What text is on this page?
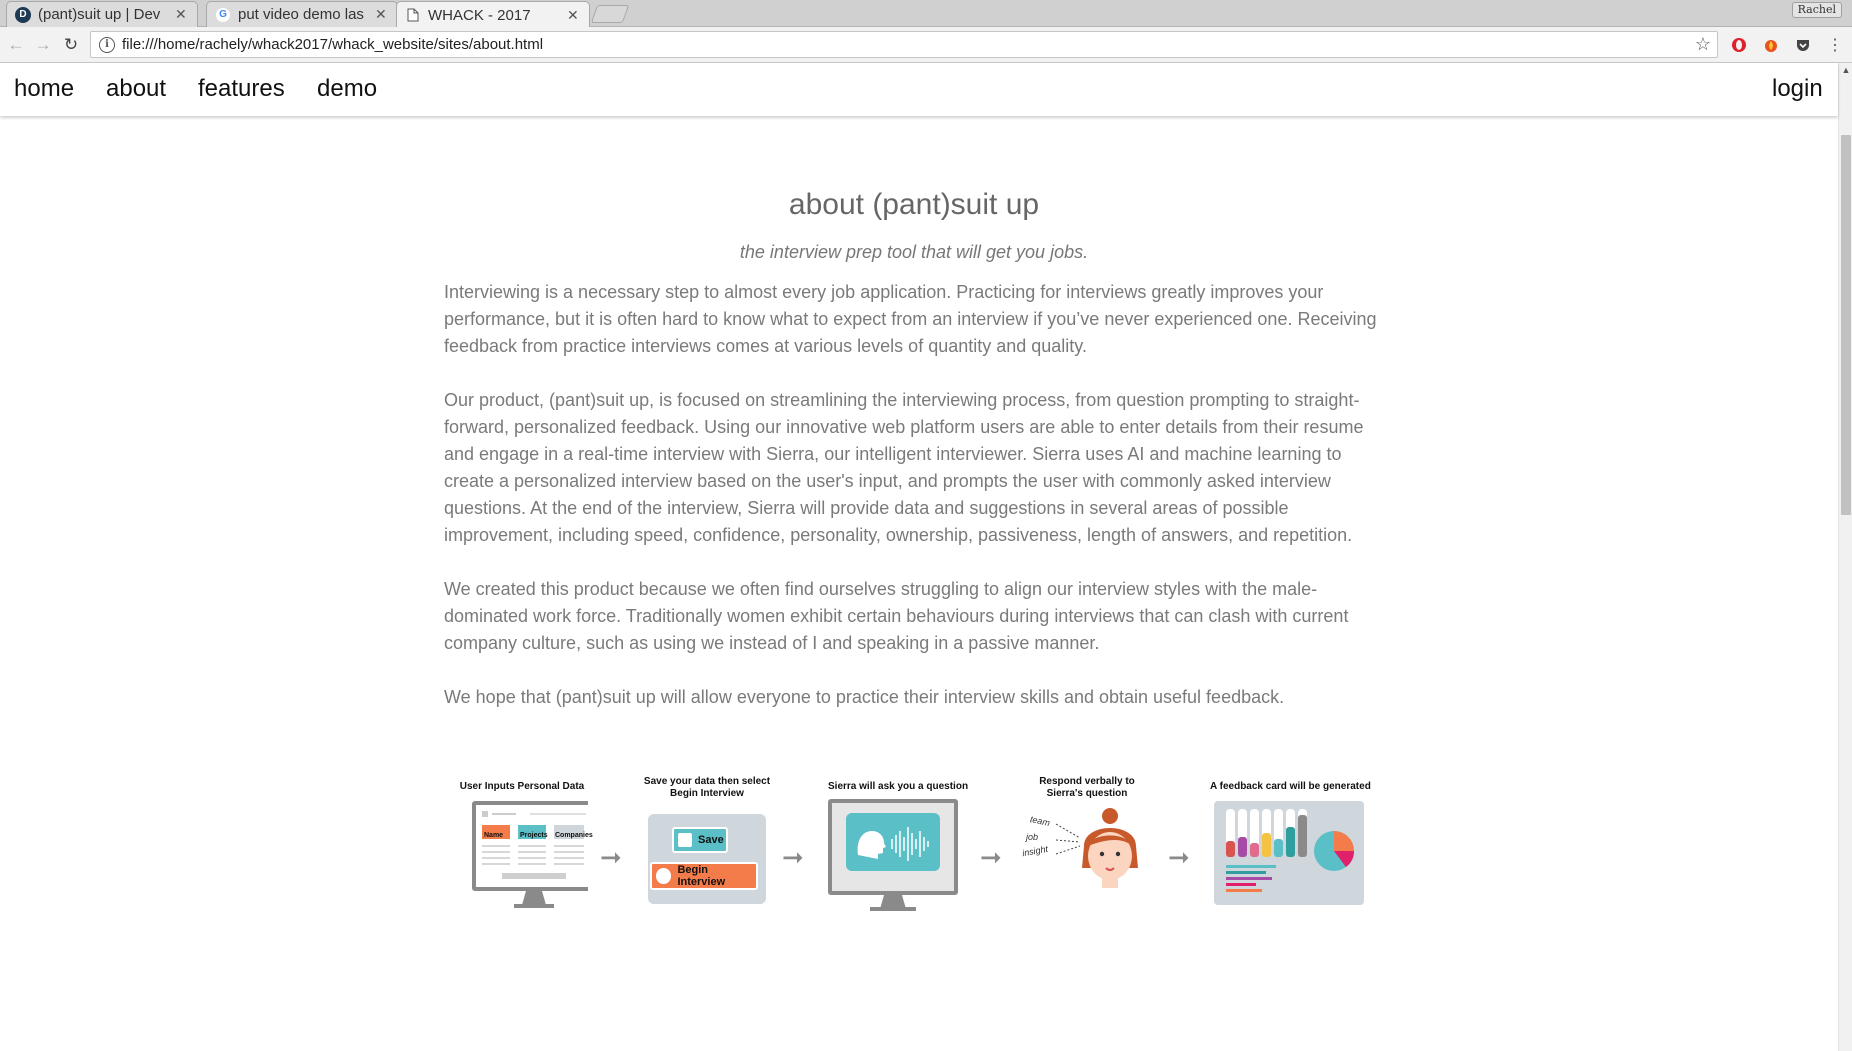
D (pant)suit up | Dev	✕	G put video demo las ✕	WHACK - 2017	✕	Rachel
← → ↻	i file:///home/rachely/whack2017/whack_website/sites/about.html	☆	⋮
home about features demo	login
▲
about (pant)suit up
the interview prep tool that will get you jobs.

Interviewing is a necessary step to almost every job application. Practicing for interviews greatly improves your performance, but it is often hard to know what to expect from an interview if you’ve never experienced one. Receiving feedback from practice interviews comes at various levels of quantity and quality.

Our product, (pant)suit up, is focused on streamlining the interviewing process, from question prompting to straight-forward, personalized feedback. Using our innovative web platform users are able to enter details from their resume and engage in a real-time interview with Sierra, our intelligent interviewer. Sierra uses AI and machine learning to create a personalized interview based on the user's input, and prompts the user with commonly asked interview questions. At the end of the interview, Sierra will provide data and suggestions in several areas of possible improvement, including speed, confidence, personality, ownership, passiveness, length of answers, and repetition.

We created this product because we often find ourselves struggling to align our interview styles with the male-dominated work force. Traditionally women exhibit certain behaviours during interviews that can clash with current company culture, such as using we instead of I and speaking in a passive manner.

We hope that (pant)suit up will allow everyone to practice their interview skills and obtain useful feedback.

User Inputs Personal Data
Name Projects Companies
➞
Save your data then select
Begin Interview
Save
Begin Interview
➞
Sierra will ask you a question
➞
Respond verbally to
Sierra's question
team
job
insight	➞
A feedback card will be generated
